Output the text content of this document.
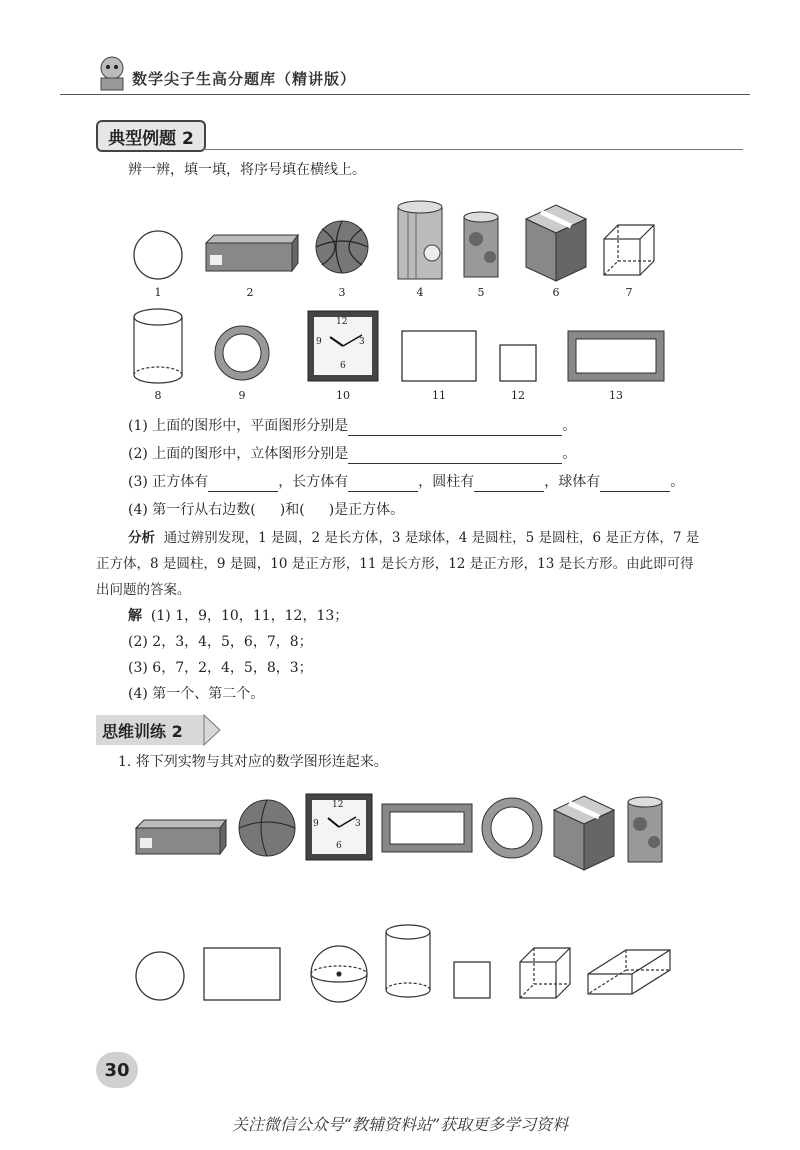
数学尖子生高分题库（精讲版）
典型例题 2
辨一辨，填一填，将序号填在横线上。
12
3
6
9
1	2	3	4	5	6	7
8	9	10	11	12	13
(1) 上面的图形中，平面图形分别是	。
(2) 上面的图形中，立体图形分别是	。
(3) 正方体有	，长方体有	，圆柱有	，球体有	。
(4) 第一行从右边数( )和( )是正方体。
分析 通过辨别发现，1 是圆，2 是长方体，3 是球体，4 是圆柱，5 是圆柱，6 是正方体，7 是
正方体，8 是圆柱，9 是圆，10 是正方形，11 是长方形，12 是正方形，13 是长方形。由此即可得
出问题的答案。
解 (1) 1，9，10，11，12，13；
(2) 2，3，4，5，6，7，8；
(3) 6，7，2，4，5，8，3；
(4) 第一个、第二个。
思维训练 2
1. 将下列实物与其对应的数学图形连起来。
12
3
6
9
30
关注微信公众号“教辅资料站”获取更多学习资料
